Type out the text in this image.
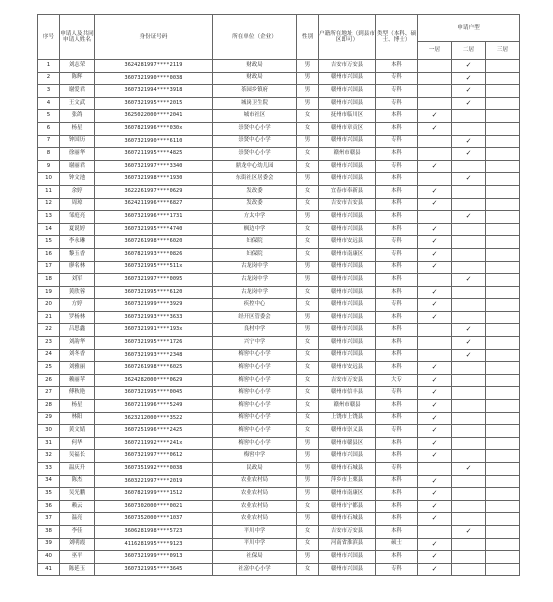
序号	申请人及共同申请人姓名	身份证号码	所在单位（企业）	性别	户籍所在地址（到县市区即可）	类型（本科、硕士、博士）	申请户型		
							一居	二居	三居
1	刘志荣	3624281997****2119	财政局	男	吉安市万安县	本科		✓	
2	陈辉	3607321990****0038	财政局	男	赣州市兴国县	专科		✓	
3	谢爱君	3607321994****3918	茶园乡镇府	男	赣州市兴国县	专科		✓	
4	王文武	3607321995****2015	城岗卫生院	男	赣州市兴国县	专科		✓	
5	张鸽	3625022000****2041	城市社区	女	抚州市临川区	本科	✓		
6	杨星	3607821996****030x	崇贤中心小学	女	赣州市章贡区	本科	✓		
7	钟国历	3607321990****6110	崇贤中心小学	男	赣州市兴国县	专科		✓	
8	徐丽华	3607211995****4825	崇贤中心小学	女	赣州市赣县	本科		✓	
9	谢丽君	3607321997****3340	鼎龙中心幼儿园	女	赣州市兴国县	专科	✓		
10	钟文池	3607321998****1930	东街社区居委会	男	赣州市兴国县	本科		✓	
11	余婷	3622261997****0629	发改委	女	宜春市奉新县	本科	✓		
12	周琼	3624211996****6827	发改委	女	吉安市吉安县	本科	✓		
13	邹庭亮	3607321996****1731	方太中学	男	赣州市兴国县	本科		✓	
14	夏说婷	3607321995****4740	枫边中学	女	赣州市兴国县	本科	✓		
15	李永琳	3607261998****6020	妇保院	女	赣州市安远县	专科	✓		
16	黎玉香	3607821993****0826	妇保院	女	赣州市南康区	专科	✓		
17	廖名林	3607321995****511x	古龙岗中学	男	赣州市兴国县	本科	✓		
18	刘军	3607321997****0095	古龙岗中学	男	赣州市兴国县	本科		✓	
19	黄欣蓉	3607321995****6120	古龙岗中学	女	赣州市兴国县	本科	✓		
20	方婷	3607321999****3929	疾控中心	女	赣州市兴国县	专科	✓		
21	罗杨林	3607321993****3633	经开区管委会	男	赣州市兴国县	本科	✓		
22	吕思鑫	3607321991****193x	良村中学	男	赣州市兴国县	本科		✓	
23	刘韵华	3607321995****1726	兴宁中学	女	赣州市兴国县	本科		✓	
24	刘冬香	3607321993****2348	梅窖中心小学	女	赣州市兴国县	本科		✓	
25	刘雅丽	3607261998****6025	梅窖中心小学	女	赣州市安远县	本科	✓		
26	赖丽苹	3624282000****0629	梅窖中心小学	女	吉安市万安县	大专	✓		
27	傅秋艳	3607321995****0045	梅窖中心小学	女	赣州市信丰县	专科	✓		
28	杨星	3607211996****5249	梅窖中心小学	女	赣州市赣县	本科	✓		
29	林阳	3623212000****3522	梅窖中心小学	女	上饶市上饶县	本科	✓		
30	黄文婧	3607251996****2425	梅窖中心小学	女	赣州市崇义县	专科	✓		
31	何华	3607211992****241x	梅窖中心小学	男	赣州市赣县区	本科	✓		
32	吴福长	3607321997****0612	梅窖中学	男	赣州市兴国县	本科	✓		
33	温庆升	3607351992****0038	民政局	男	赣州市石城县	专科		✓	
34	陈杰	3603221997****2019	农业农村局	男	萍乡市上栗县	本科	✓		
35	吴光鹏	3607821999****1512	农业农村局	男	赣州市南康区	本科	✓		
36	赖云	3607302000****0021	农业农村局	女	赣州市宁都县	本科	✓		
37	温亮	3607352000****1037	农业农村局	男	赣州市石城县	本科	✓		
38	李佳	3606281998****5723	平川中学	女	吉安市万安县	本科		✓	
39	刘明霞	4116281995****9123	平川中学	女	河南省淮滨县	硕士	✓		
40	巫平	3607321999****0913	社保局	男	赣州市兴国县	本科	✓		
41	陈延玉	3607321995****3645	社富中心小学	女	赣州市兴国县	专科	✓		
